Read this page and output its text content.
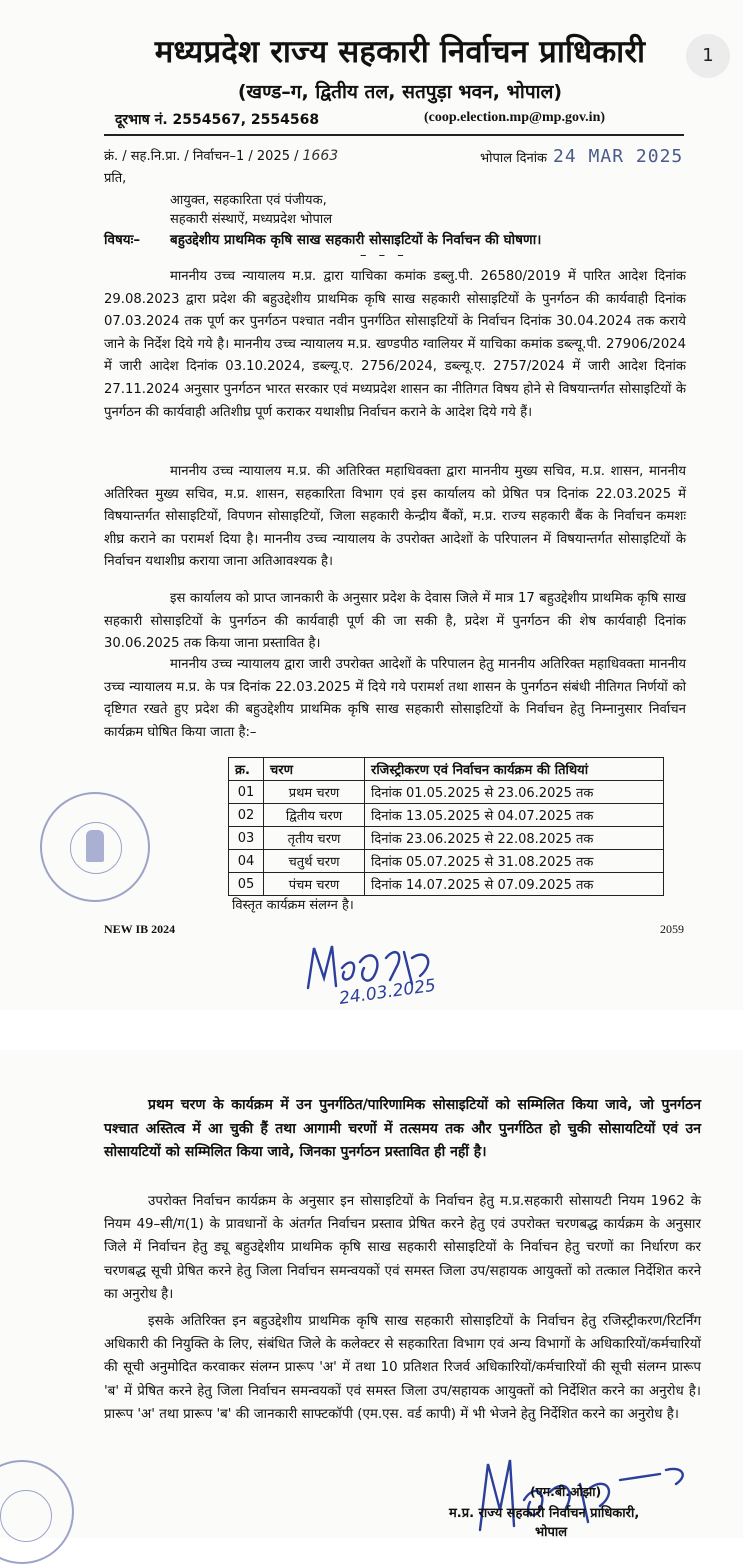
मध्यप्रदेश राज्य सहकारी निर्वाचन प्राधिकारी
(खण्ड–ग, द्वितीय तल, सतपुड़ा भवन, भोपाल)
दूरभाष नं. 2554567, 2554568	(coop.election.mp@mp.gov.in)
क्रं. / सह.नि.प्रा. / निर्वाचन–1 / 2025 / 1663	भोपाल दिनांक 24 MAR 2025
प्रति,
आयुक्त, सहकारिता एवं पंजीयक,
सहकारी संस्थाऐं, मध्यप्रदेश भोपाल
विषयः– बहुउद्देशीय प्राथमिक कृषि साख सहकारी सोसाइटियों के निर्वाचन की घोषणा।
– – –

माननीय उच्च न्यायालय म.प्र. द्वारा याचिका कमांक डब्लु.पी. 26580/2019 में पारित आदेश दिनांक 29.08.2023 द्वारा प्रदेश की बहुउद्देशीय प्राथमिक कृषि साख सहकारी सोसाइटियों के पुनर्गठन की कार्यवाही दिनांक 07.03.2024 तक पूर्ण कर पुनर्गठन पश्चात नवीन पुनर्गठित सोसाइटियों के निर्वाचन दिनांक 30.04.2024 तक कराये जाने के निर्देश दिये गये है। माननीय उच्च न्यायालय म.प्र. खण्डपीठ ग्वालियर में याचिका कमांक डब्ल्यू.पी. 27906/2024 में जारी आदेश दिनांक 03.10.2024, डब्ल्यू.ए. 2756/2024, डब्ल्यू.ए. 2757/2024 में जारी आदेश दिनांक 27.11.2024 अनुसार पुनर्गठन भारत सरकार एवं मध्यप्रदेश शासन का नीतिगत विषय होने से विषयान्तर्गत सोसाइटियों के पुनर्गठन की कार्यवाही अतिशीघ्र पूर्ण कराकर यथाशीघ्र निर्वाचन कराने के आदेश दिये गये हैं।

माननीय उच्च न्यायालय म.प्र. की अतिरिक्त महाधिवक्ता द्वारा माननीय मुख्य सचिव, म.प्र. शासन, माननीय अतिरिक्त मुख्य सचिव, म.प्र. शासन, सहकारिता विभाग एवं इस कार्यालय को प्रेषित पत्र दिनांक 22.03.2025 में विषयान्तर्गत सोसाइटियों, विपणन सोसाइटियों, जिला सहकारी केन्द्रीय बैंकों, म.प्र. राज्य सहकारी बैंक के निर्वाचन कमशः शीघ्र कराने का परामर्श दिया है। माननीय उच्च न्यायालय के उपरोक्त आदेशों के परिपालन में विषयान्तर्गत सोसाइटियों के निर्वाचन यथाशीघ्र कराया जाना अतिआवश्यक है।

इस कार्यालय को प्राप्त जानकारी के अनुसार प्रदेश के देवास जिले में मात्र 17 बहुउद्देशीय प्राथमिक कृषि साख सहकारी सोसाइटियों के पुनर्गठन की कार्यवाही पूर्ण की जा सकी है, प्रदेश में पुनर्गठन की शेष कार्यवाही दिनांक 30.06.2025 तक किया जाना प्रस्तावित है।

माननीय उच्च न्यायालय द्वारा जारी उपरोक्त आदेशों के परिपालन हेतु माननीय अतिरिक्त महाधिवक्ता माननीय उच्च न्यायालय म.प्र. के पत्र दिनांक 22.03.2025 में दिये गये परामर्श तथा शासन के पुनर्गठन संबंधी नीतिगत निर्णयों को दृष्टिगत रखते हुए प्रदेश की बहुउद्देशीय प्राथमिक कृषि साख सहकारी सोसाइटियों के निर्वाचन हेतु निम्नानुसार निर्वाचन कार्यक्रम घोषित किया जाता है:–

क्र.	चरण	रजिस्ट्रीकरण एवं निर्वाचन कार्यक्रम की तिथियां
01	प्रथम चरण	दिनांक 01.05.2025 से 23.06.2025 तक
02	द्वितीय चरण	दिनांक 13.05.2025 से 04.07.2025 तक
03	तृतीय चरण	दिनांक 23.06.2025 से 22.08.2025 तक
04	चतुर्थ चरण	दिनांक 05.07.2025 से 31.08.2025 तक
05	पंचम चरण	दिनांक 14.07.2025 से 07.09.2025 तक
विस्तृत कार्यक्रम संलग्न है।
NEW IB 2024	2059
24.03.2025

प्रथम चरण के कार्यक्रम में उन पुनर्गठित/पारिणामिक सोसाइटियों को सम्मिलित किया जावे, जो पुनर्गठन पश्चात अस्तित्व में आ चुकी हैं तथा आगामी चरणों में तत्समय तक और पुनर्गठित हो चुकी सोसायटियों एवं उन सोसायटियों को सम्मिलित किया जावे, जिनका पुनर्गठन प्रस्तावित ही नहीं है।

उपरोक्त निर्वाचन कार्यक्रम के अनुसार इन सोसाइटियों के निर्वाचन हेतु म.प्र.सहकारी सोसायटी नियम 1962 के नियम 49–सी/ग(1) के प्रावधानों के अंतर्गत निर्वाचन प्रस्ताव प्रेषित करने हेतु एवं उपरोक्त चरणबद्ध कार्यक्रम के अनुसार जिले में निर्वाचन हेतु ड्यू बहुउद्देशीय प्राथमिक कृषि साख सहकारी सोसाइटियों के निर्वाचन हेतु चरणों का निर्धारण कर चरणबद्ध सूची प्रेषित करने हेतु जिला निर्वाचन समन्वयकों एवं समस्त जिला उप/सहायक आयुक्तों को तत्काल निर्देशित करने का अनुरोध है।

इसके अतिरिक्त इन बहुउद्देशीय प्राथमिक कृषि साख सहकारी सोसाइटियों के निर्वाचन हेतु रजिस्ट्रीकरण/रिटर्निंग अधिकारी की नियुक्ति के लिए, संबंधित जिले के कलेक्टर से सहकारिता विभाग एवं अन्य विभागों के अधिकारियों/कर्मचारियों की सूची अनुमोदित करवाकर संलग्न प्रारूप 'अ' में तथा 10 प्रतिशत रिजर्व अधिकारियों/कर्मचारियों की सूची संलग्न प्रारूप 'ब' में प्रेषित करने हेतु जिला निर्वाचन समन्वयकों एवं समस्त जिला उप/सहायक आयुक्तों को निर्देशित करने का अनुरोध है। प्रारूप 'अ' तथा प्रारूप 'ब' की जानकारी साफ्टकॉपी (एम.एस. वर्ड कापी) में भी भेजने हेतु निर्देशित करने का अनुरोध है।

(एम.बी.ओझा)
म.प्र. राज्य सहकारी निर्वाचन प्राधिकारी,
भोपाल
1
